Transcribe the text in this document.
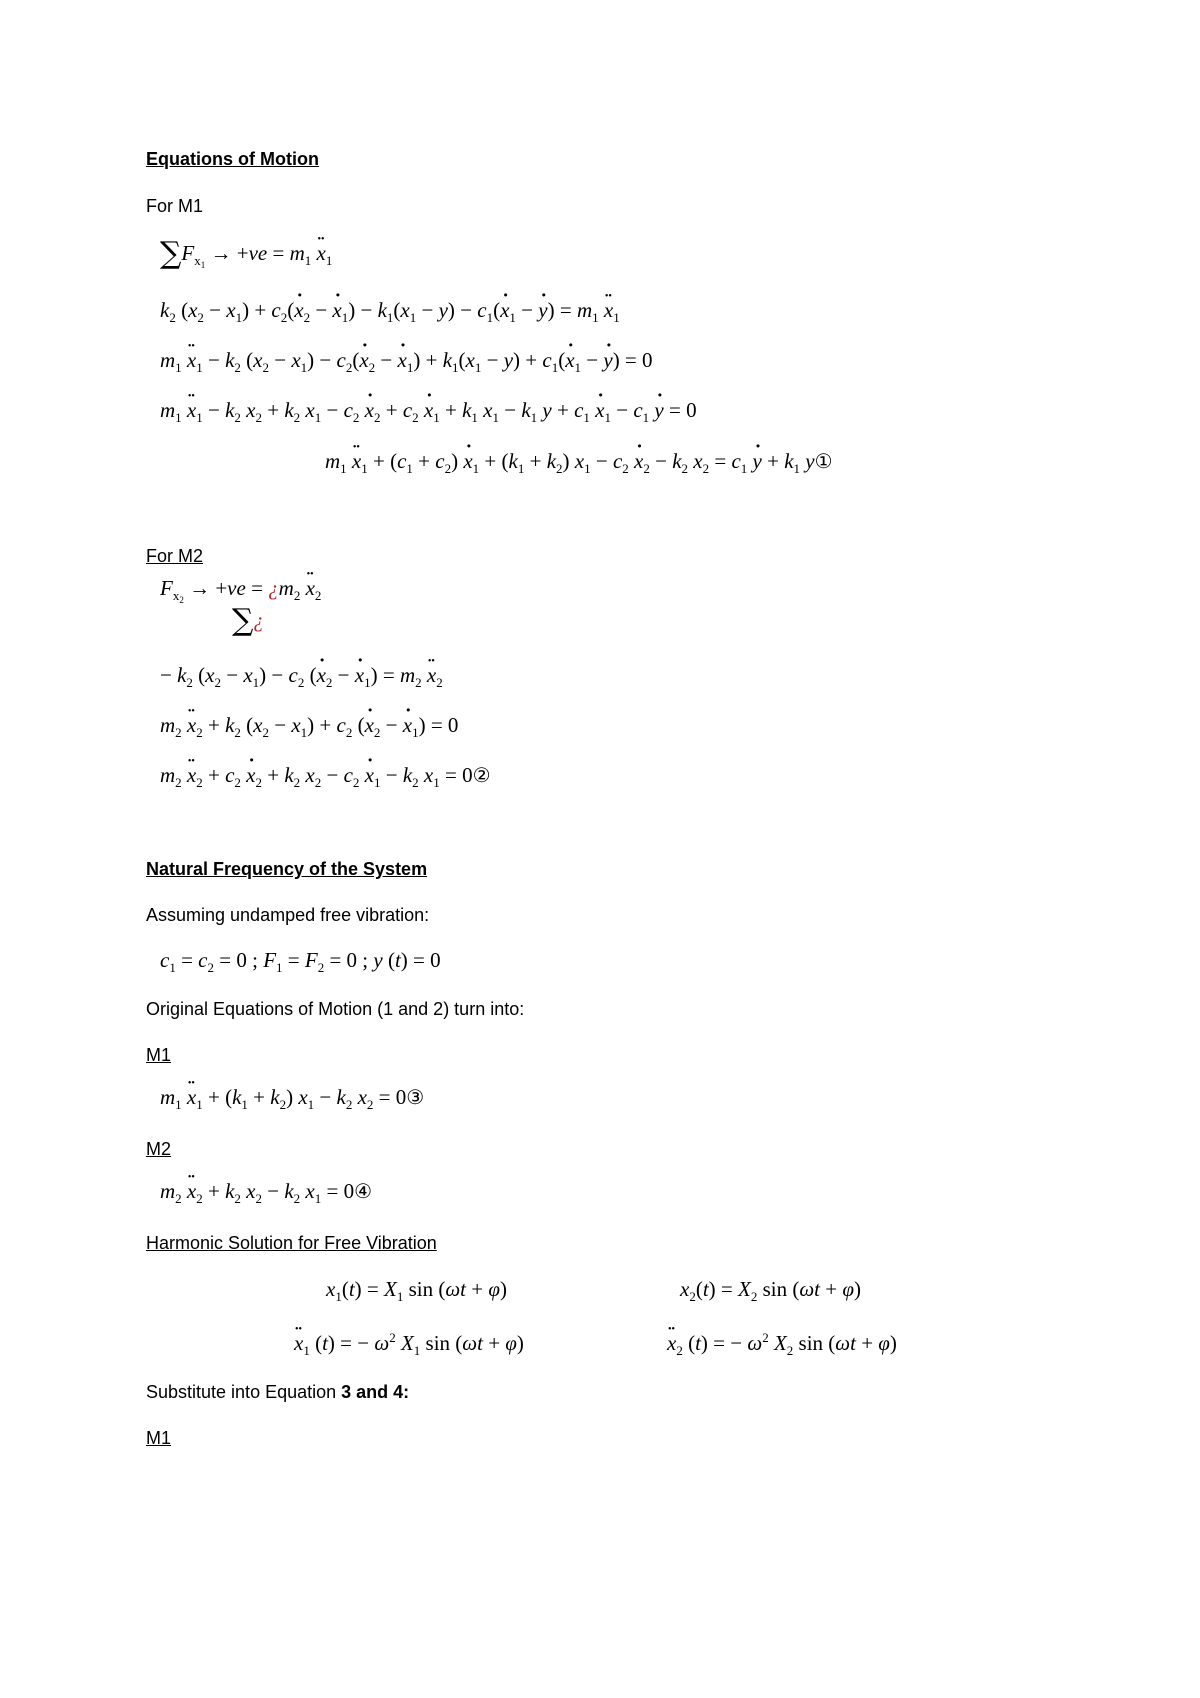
Equations of Motion
For M1
$\sum F_{x_1} \to +ve = m_1$ ¨ $x_1$
$k_2$ $(x_2 - x_1)$ + $c_2(˙$ $x_2$ − ˙ $x_1) - k_1(x_1 - y)$ − $c_1(˙$ $x_1$ − ˙ $y) = m_1$ ¨ $x_1$
$m_1$ ¨ $x_1 - k_2$ $(x_2 - x_1)$ − $c_2(˙$ $x_2$ − ˙ $x_1) + k_1(x_1 - y)$ + $c_1(˙$ $x_1$ − ˙ y) = 0
$m_1$ ¨ $x_1 - k_2$ $x_2 + k_2$ $x_1 - c_2$ ˙ $x_2 + c_2$ ˙ $x_1 + k_1$ $x_1 - k_1$ $y + c_1$ ˙ $x_1 - c_1$ ˙ y = 0
$m_1$ ¨ $x_1 + (c_1 + c_2)$ ˙ $x_1 + (k_1 + k_2) x_1 - c_2$ ˙ $x_2 - k_2$ $x_2 = c_1$ ˙ $y + k_1$ y①
For M2
$F_{x_2} \to +ve$ = ¿$m_2$ ¨ $x_2$
∑¿
− $k_2$ $(x_2 - x_1) - c_2$ (˙ $x_2$ − ˙ $x_1) = m_2$ ¨ $x_2$
$m_2$ ¨ $x_2 + k_2$ $(x_2 - x_1) + c_2$ (˙ $x_2$ − ˙ $x_1) = 0$
$m_2$ ¨ $x_2 + c_2$ ˙ $x_2 + k_2$ $x_2 - c_2$ ˙ $x_1 - k_2$ $x_1$ = 0②
Natural Frequency of the System
Assuming undamped free vibration:
$c_1 = c_2 = 0$ ; $F_1 = F_2 = 0$ ; y (t) = 0
Original Equations of Motion (1 and 2) turn into:
M1
$m_1$ ¨ $x_1 + (k_1 + k_2) x_1 - k_2$ $x_2$ = 0③
M2
$m_2$ ¨ $x_2 + k_2$ $x_2 - k_2$ $x_1$ = 0④
Harmonic Solution for Free Vibration
$x_1(t) = X_1$ sin (ωt + φ)	$x_2(t) = X_2$ sin (ωt + φ)
¨ $x_1$ (t) = − $\omega^2$ $X_1$ sin (ωt + φ)	¨ $x_2$ (t) = − $\omega^2$ $X_2$ sin (ωt + φ)
Substitute into Equation 3 and 4:
M1
